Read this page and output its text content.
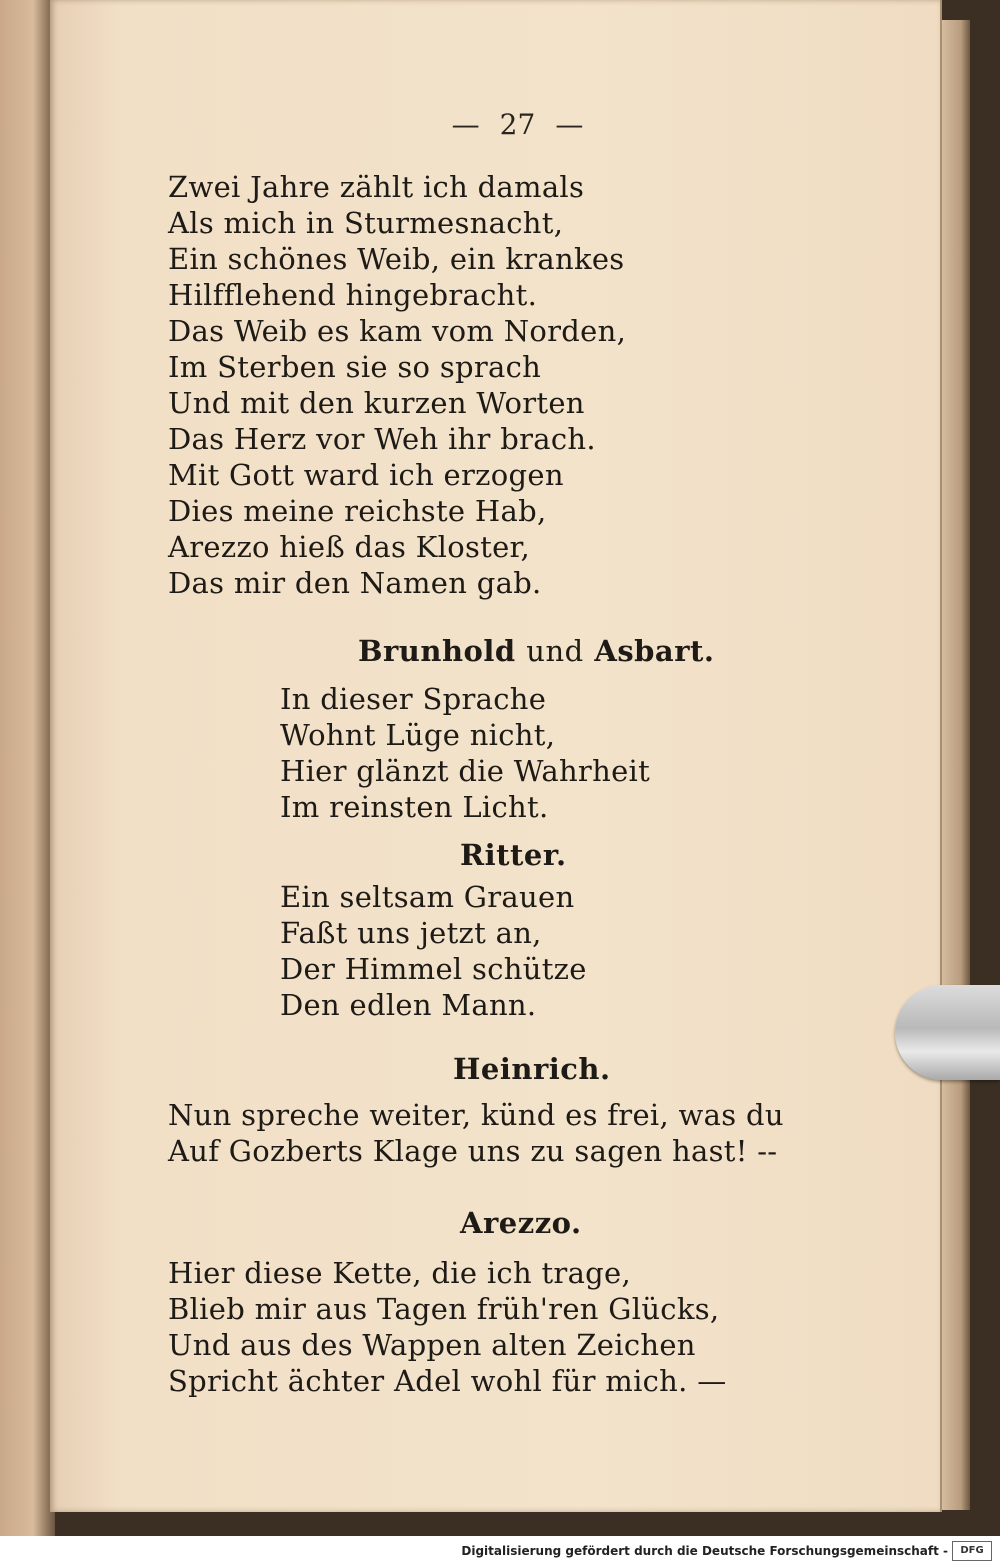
— 27 —
Zwei Jahre zählt ich damals
Als mich in Sturmesnacht,
Ein schönes Weib, ein krankes
Hilfflehend hingebracht.
Das Weib es kam vom Norden,
Im Sterben sie so sprach
Und mit den kurzen Worten
Das Herz vor Weh ihr brach.
Mit Gott ward ich erzogen
Dies meine reichste Hab,
Arezzo hieß das Kloster,
Das mir den Namen gab.
Brunhold und Asbart.
In dieser Sprache
Wohnt Lüge nicht,
Hier glänzt die Wahrheit
Im reinsten Licht.
Ritter.
Ein seltsam Grauen
Faßt uns jetzt an,
Der Himmel schütze
Den edlen Mann.
Heinrich.
Nun spreche weiter, künd es frei, was du
Auf Gozberts Klage uns zu sagen hast! --
Arezzo.
Hier diese Kette, die ich trage,
Blieb mir aus Tagen früh'ren Glücks,
Und aus des Wappen alten Zeichen
Spricht ächter Adel wohl für mich. —
Digitalisierung gefördert durch die Deutsche Forschungsgemeinschaft -	DFG
